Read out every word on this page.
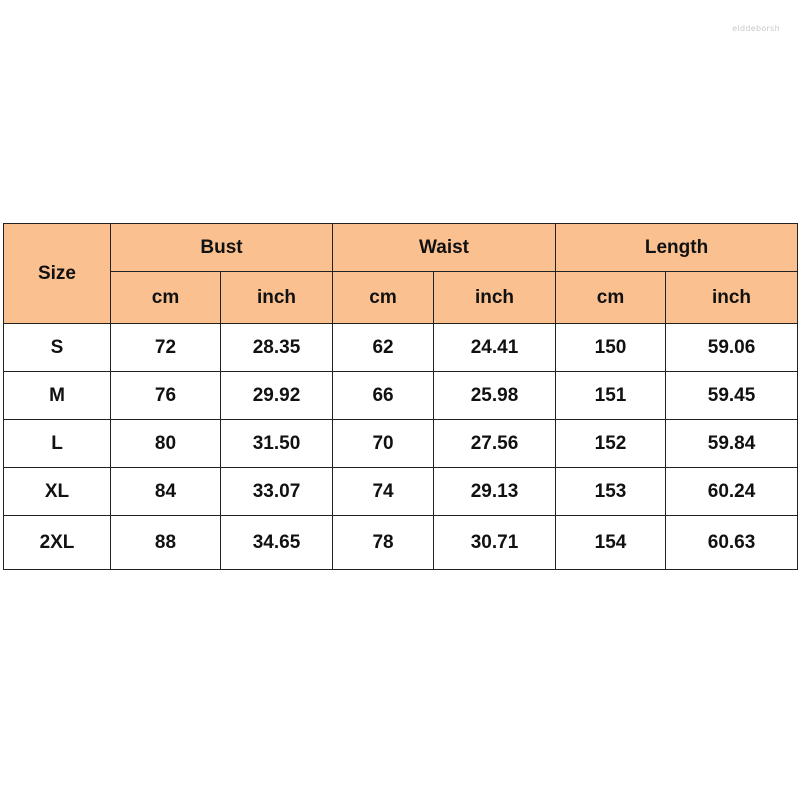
elddeborsh
Size	Bust		Waist		Length	
	cm	inch	cm	inch	cm	inch
S	72	28.35	62	24.41	150	59.06
M	76	29.92	66	25.98	151	59.45
L	80	31.50	70	27.56	152	59.84
XL	84	33.07	74	29.13	153	60.24
2XL	88	34.65	78	30.71	154	60.63
